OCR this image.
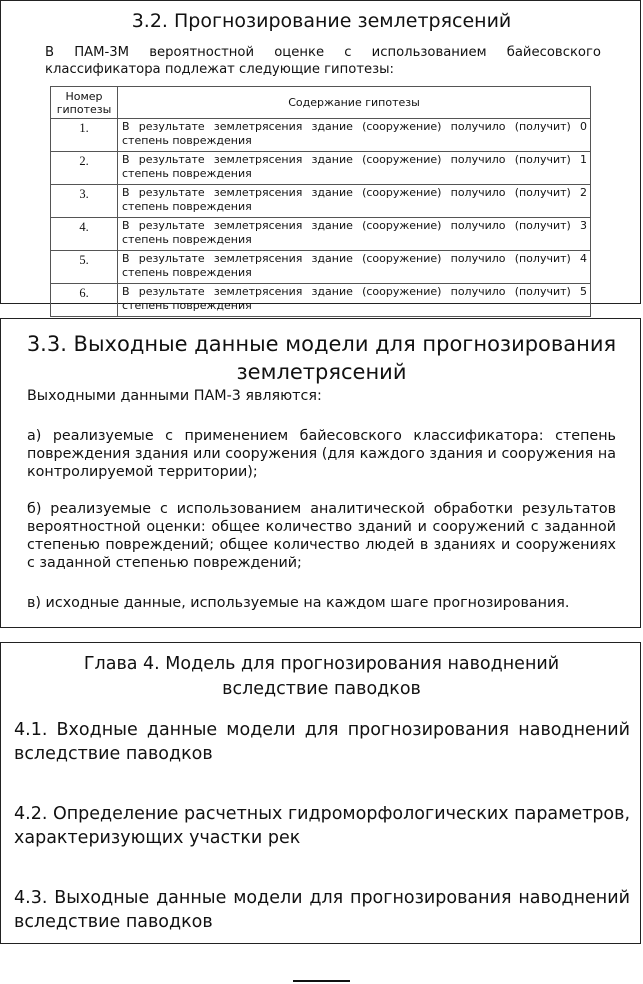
3.2. Прогнозирование землетрясений
В ПАМ-3М вероятностной оценке с использованием байесовского классификатора подлежат следующие гипотезы:
Номер гипотезы	Содержание гипотезы
1.	В результате землетрясения здание (сооружение) получило (получит) 0 степень повреждения
2.	В результате землетрясения здание (сооружение) получило (получит) 1 степень повреждения
3.	В результате землетрясения здание (сооружение) получило (получит) 2 степень повреждения
4.	В результате землетрясения здание (сооружение) получило (получит) 3 степень повреждения
5.	В результате землетрясения здание (сооружение) получило (получит) 4 степень повреждения
6.	В результате землетрясения здание (сооружение) получило (получит) 5 степень повреждения
3.3. Выходные данные модели для прогнозирования землетрясений
Выходными данными ПАМ-3 являются:
а) реализуемые с применением байесовского классификатора: степень повреждения здания или сооружения (для каждого здания и сооружения на контролируемой территории);
б) реализуемые с использованием аналитической обработки результатов вероятностной оценки: общее количество зданий и сооружений с заданной степенью повреждений; общее количество людей в зданиях и сооружениях с заданной степенью повреждений;
в) исходные данные, используемые на каждом шаге прогнозирования.
Глава 4. Модель для прогнозирования наводнений вследствие паводков
4.1. Входные данные модели для прогнозирования наводнений вследствие паводков
4.2. Определение расчетных гидроморфологических параметров, характеризующих участки рек
4.3. Выходные данные модели для прогнозирования наводнений вследствие паводков
